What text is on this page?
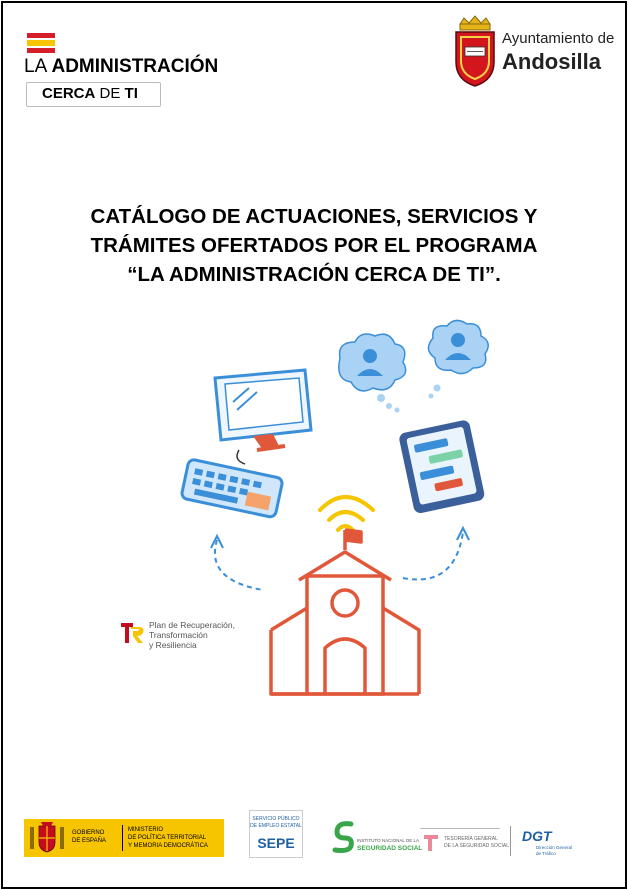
LA ADMINISTRACIÓN
CERCA DE TI
Ayuntamiento de
Andosilla
CATÁLOGO DE ACTUACIONES, SERVICIOS Y
TRÁMITES OFERTADOS POR EL PROGRAMA
“LA ADMINISTRACIÓN CERCA DE TI”.
Plan de Recuperación,
Transformación
y Resiliencia
GOBIERNO
DE ESPAÑA
MINISTERIO
DE POLÍTICA TERRITORIAL
Y MEMORIA DEMOCRÁTICA
SERVICIO PÚBLICO
DE EMPLEO ESTATAL
SEPE	INSTITUTO NACIONAL DE LA
SEGURIDAD SOCIAL
TESORERÍA GENERAL
DE LA SEGURIDAD SOCIAL
DGT
Dirección General
de Tráfico
